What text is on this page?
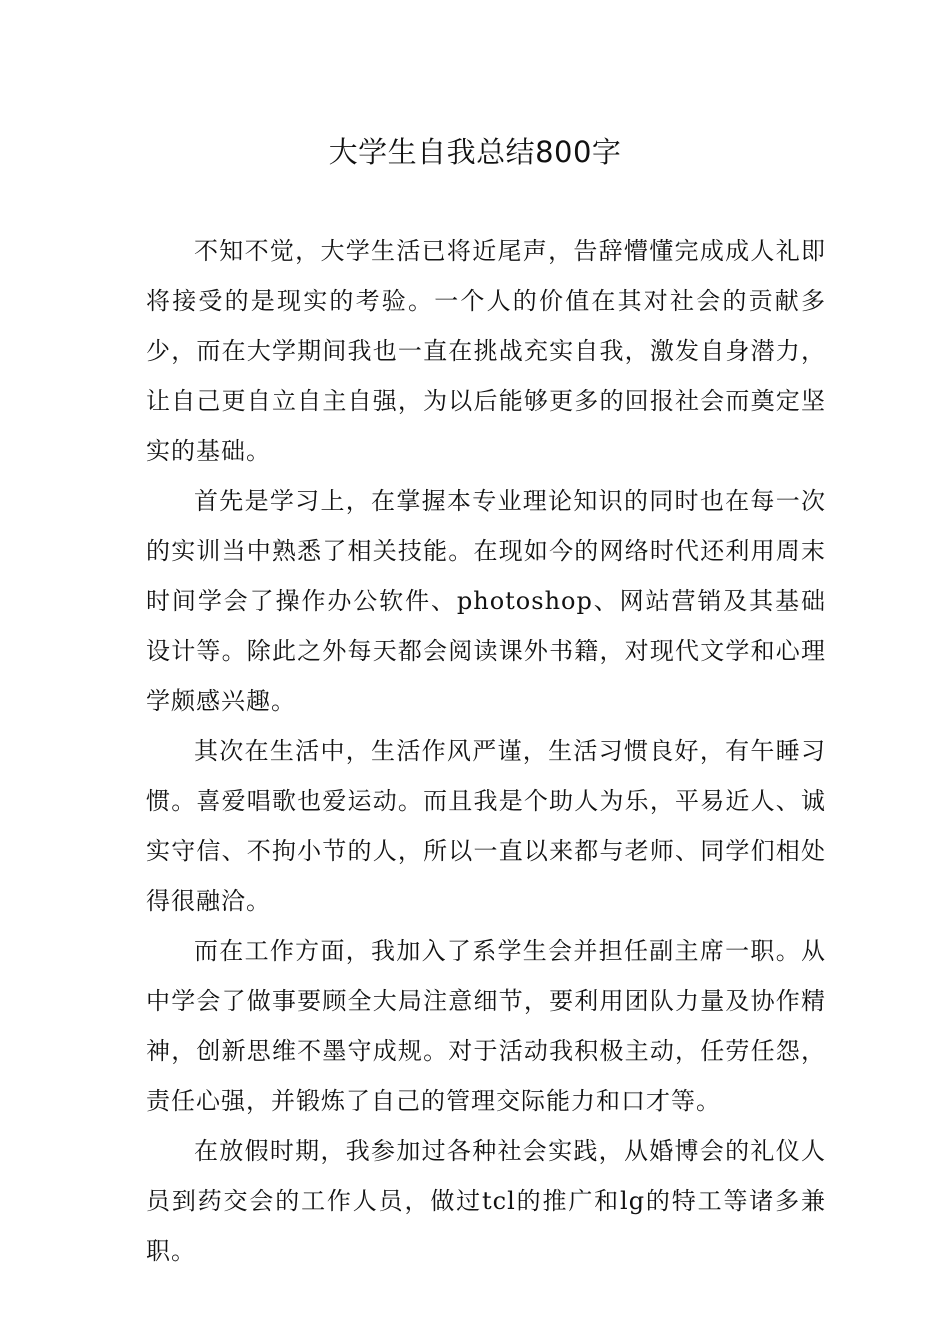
大学生自我总结800字

不知不觉，大学生活已将近尾声，告辞懵懂完成成人礼即将接受的是现实的考验。一个人的价值在其对社会的贡献多少，而在大学期间我也一直在挑战充实自我，激发自身潜力，让自己更自立自主自强，为以后能够更多的回报社会而奠定坚实的基础。

首先是学习上，在掌握本专业理论知识的同时也在每一次的实训当中熟悉了相关技能。在现如今的网络时代还利用周末时间学会了操作办公软件、photoshop、网站营销及其基础设计等。除此之外每天都会阅读课外书籍，对现代文学和心理学颇感兴趣。

其次在生活中，生活作风严谨，生活习惯良好，有午睡习惯。喜爱唱歌也爱运动。而且我是个助人为乐，平易近人、诚实守信、不拘小节的人，所以一直以来都与老师、同学们相处得很融洽。

而在工作方面，我加入了系学生会并担任副主席一职。从中学会了做事要顾全大局注意细节，要利用团队力量及协作精神，创新思维不墨守成规。对于活动我积极主动，任劳任怨，责任心强，并锻炼了自己的管理交际能力和口才等。

在放假时期，我参加过各种社会实践，从婚博会的礼仪人员到药交会的工作人员，做过tcl的推广和lg的特工等诸多兼职。
